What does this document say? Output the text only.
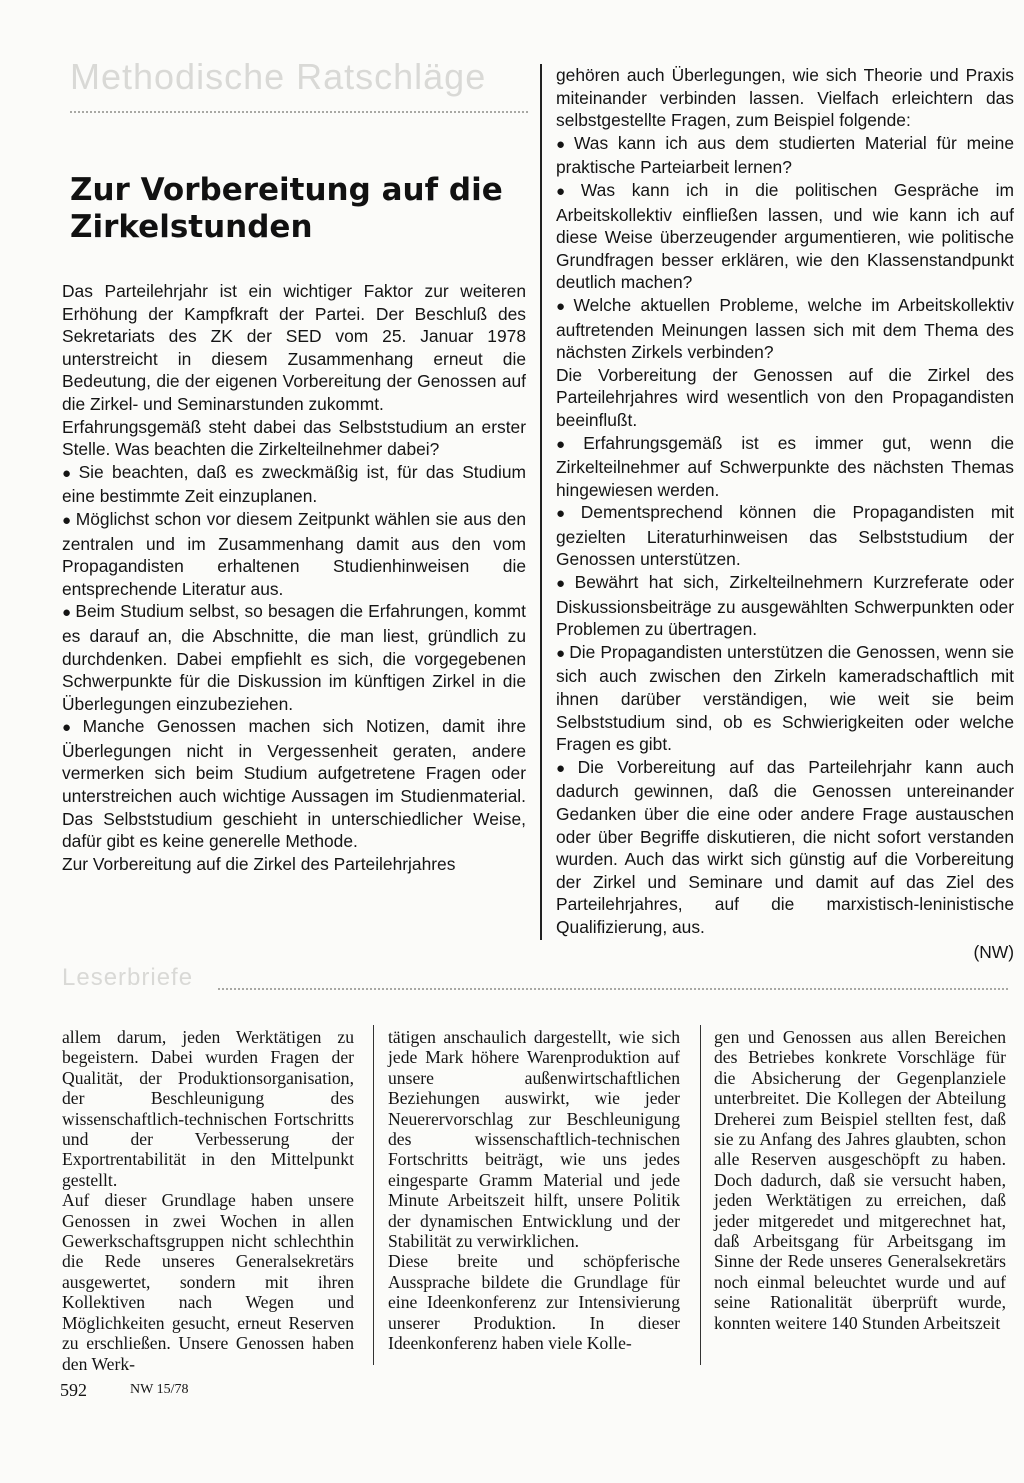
Methodische Ratschläge
Zur Vorbereitung auf die Zirkelstunden

Das Parteilehrjahr ist ein wichtiger Faktor zur weiteren Erhöhung der Kampfkraft der Partei. Der Beschluß des Sekretariats des ZK der SED vom 25. Januar 1978 unterstreicht in diesem Zusammenhang erneut die Bedeutung, die der eigenen Vorbereitung der Genossen auf die Zirkel- und Seminarstunden zukommt.

Erfahrungsgemäß steht dabei das Selbststudium an erster Stelle. Was beachten die Zirkelteilnehmer dabei?

● Sie beachten, daß es zweckmäßig ist, für das Studium eine bestimmte Zeit einzuplanen.

● Möglichst schon vor diesem Zeitpunkt wählen sie aus den zentralen und im Zusammenhang damit aus den vom Propagandisten erhaltenen Studienhinweisen die entsprechende Literatur aus.

● Beim Studium selbst, so besagen die Erfahrungen, kommt es darauf an, die Abschnitte, die man liest, gründlich zu durchdenken. Dabei empfiehlt es sich, die vorgegebenen Schwerpunkte für die Diskussion im künftigen Zirkel in die Überlegungen einzubeziehen.

● Manche Genossen machen sich Notizen, damit ihre Überlegungen nicht in Vergessenheit geraten, andere vermerken sich beim Studium aufgetretene Fragen oder unterstreichen auch wichtige Aussagen im Studienmaterial. Das Selbststudium geschieht in unterschiedlicher Weise, dafür gibt es keine generelle Methode.

Zur Vorbereitung auf die Zirkel des Parteilehrjahres

gehören auch Überlegungen, wie sich Theorie und Praxis miteinander verbinden lassen. Vielfach erleichtern das selbstgestellte Fragen, zum Beispiel folgende:

● Was kann ich aus dem studierten Material für meine praktische Parteiarbeit lernen?

● Was kann ich in die politischen Gespräche im Arbeitskollektiv einfließen lassen, und wie kann ich auf diese Weise überzeugender argumentieren, wie politische Grundfragen besser erklären, wie den Klassenstandpunkt deutlich machen?

● Welche aktuellen Probleme, welche im Arbeitskollektiv auftretenden Meinungen lassen sich mit dem Thema des nächsten Zirkels verbinden?

Die Vorbereitung der Genossen auf die Zirkel des Parteilehrjahres wird wesentlich von den Propagandisten beeinflußt.

● Erfahrungsgemäß ist es immer gut, wenn die Zirkelteilnehmer auf Schwerpunkte des nächsten Themas hingewiesen werden.

● Dementsprechend können die Propagandisten mit gezielten Literaturhinweisen das Selbststudium der Genossen unterstützen.

● Bewährt hat sich, Zirkelteilnehmern Kurzreferate oder Diskussionsbeiträge zu ausgewählten Schwerpunkten oder Problemen zu übertragen.

● Die Propagandisten unterstützen die Genossen, wenn sie sich auch zwischen den Zirkeln kameradschaftlich mit ihnen darüber verständigen, wie weit sie beim Selbststudium sind, ob es Schwierigkeiten oder welche Fragen es gibt.

● Die Vorbereitung auf das Parteilehrjahr kann auch dadurch gewinnen, daß die Genossen untereinander Gedanken über die eine oder andere Frage austauschen oder über Begriffe diskutieren, die nicht sofort verstanden wurden. Auch das wirkt sich günstig auf die Vorbereitung der Zirkel und Seminare und damit auf das Ziel des Parteilehrjahres, auf die marxistisch-leninistische Qualifizierung, aus.

(NW)

Leserbriefe

allem darum, jeden Werktätigen zu begeistern. Dabei wurden Fragen der Qualität, der Produktionsorganisation, der Beschleunigung des wissenschaftlich-technischen Fortschritts und der Verbesserung der Exportrentabilität in den Mittelpunkt gestellt.

Auf dieser Grundlage haben unsere Genossen in zwei Wochen in allen Gewerkschaftsgruppen nicht schlechthin die Rede unseres Generalsekretärs ausgewertet, sondern mit ihren Kollektiven nach Wegen und Möglichkeiten gesucht, erneut Reserven zu erschließen. Unsere Genossen haben den Werk-

tätigen anschaulich dargestellt, wie sich jede Mark höhere Warenproduktion auf unsere außenwirtschaftlichen Beziehungen auswirkt, wie jeder Neuerervorschlag zur Beschleunigung des wissenschaftlich-technischen Fortschritts beiträgt, wie uns jedes eingesparte Gramm Material und jede Minute Arbeitszeit hilft, unsere Politik der dynamischen Entwicklung und der Stabilität zu verwirklichen.

Diese breite und schöpferische Aussprache bildete die Grundlage für eine Ideenkonferenz zur Intensivierung unserer Produktion. In dieser Ideenkonferenz haben viele Kolle-

gen und Genossen aus allen Bereichen des Betriebes konkrete Vorschläge für die Absicherung der Gegenplanziele unterbreitet. Die Kollegen der Abteilung Dreherei zum Beispiel stellten fest, daß sie zu Anfang des Jahres glaubten, schon alle Reserven ausgeschöpft zu haben. Doch dadurch, daß sie versucht haben, jeden Werktätigen zu erreichen, daß jeder mitgeredet und mitgerechnet hat, daß Arbeitsgang für Arbeitsgang im Sinne der Rede unseres Generalsekretärs noch einmal beleuchtet wurde und auf seine Rationalität überprüft wurde, konnten weitere 140 Stunden Arbeitszeit

592	NW 15/78
